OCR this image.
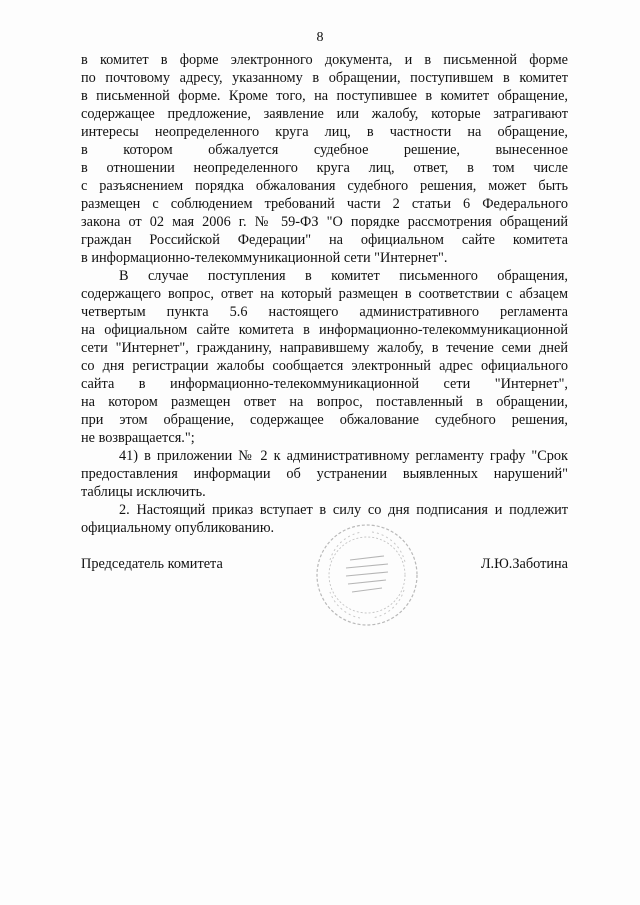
8

в комитет в форме электронного документа, и в письменной форме
по почтовому адресу, указанному в обращении, поступившем в комитет
в письменной форме. Кроме того, на поступившее в комитет обращение,
содержащее предложение, заявление или жалобу, которые затрагивают
интересы неопределенного круга лиц, в частности на обращение,
в котором обжалуется судебное решение, вынесенное
в отношении неопределенного круга лиц, ответ, в том числе
с разъяснением порядка обжалования судебного решения, может быть
размещен с соблюдением требований части 2 статьи 6 Федерального
закона от 02 мая 2006 г. № 59-ФЗ "О порядке рассмотрения обращений
граждан Российской Федерации" на официальном сайте комитета
в информационно-телекоммуникационной сети "Интернет".

В случае поступления в комитет письменного обращения,
содержащего вопрос, ответ на который размещен в соответствии с абзацем
четвертым пункта 5.6 настоящего административного регламента
на официальном сайте комитета в информационно-телекоммуникационной
сети "Интернет", гражданину, направившему жалобу, в течение семи дней
со дня регистрации жалобы сообщается электронный адрес официального
сайта в информационно-телекоммуникационной сети "Интернет",
на котором размещен ответ на вопрос, поставленный в обращении,
при этом обращение, содержащее обжалование судебного решения,
не возвращается.";

41) в приложении № 2 к административному регламенту графу "Срок
предоставления информации об устранении выявленных нарушений"
таблицы исключить.

2. Настоящий приказ вступает в силу со дня подписания и подлежит
официальному опубликованию.

Председатель комитета	Л.Ю.Заботина
